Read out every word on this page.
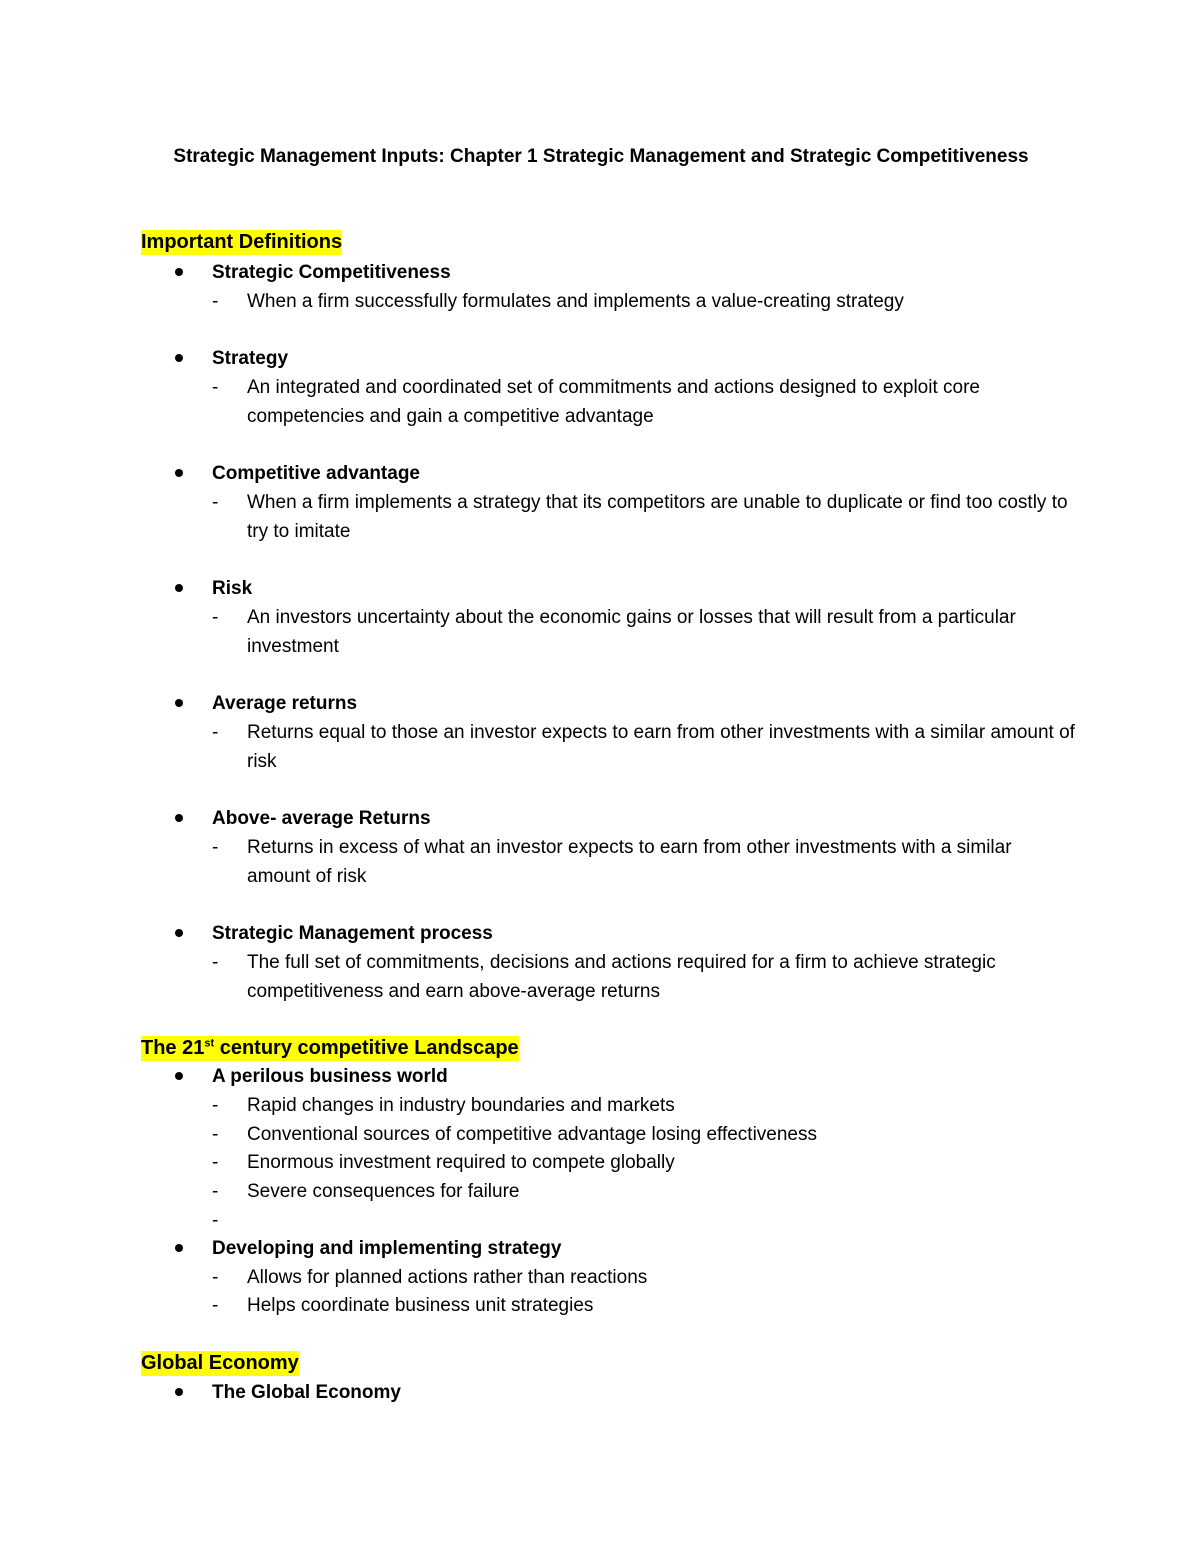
Strategic Management Inputs: Chapter 1 Strategic Management and Strategic Competitiveness
Important Definitions
Strategic Competitiveness
- When a firm successfully formulates and implements a value-creating strategy
Strategy
- An integrated and coordinated set of commitments and actions designed to exploit core competencies and gain a competitive advantage
Competitive advantage
- When a firm implements a strategy that its competitors are unable to duplicate or find too costly to try to imitate
Risk
- An investors uncertainty about the economic gains or losses that will result from a particular investment
Average returns
- Returns equal to those an investor expects to earn from other investments with a similar amount of risk
Above- average Returns
- Returns in excess of what an investor expects to earn from other investments with a similar amount of risk
Strategic Management process
- The full set of commitments, decisions and actions required for a firm to achieve strategic competitiveness and earn above-average returns
The 21st century competitive Landscape
A perilous business world
- Rapid changes in industry boundaries and markets
- Conventional sources of competitive advantage losing effectiveness
- Enormous investment required to compete globally
- Severe consequences for failure
-
Developing and implementing strategy
- Allows for planned actions rather than reactions
- Helps coordinate business unit strategies
Global Economy
The Global Economy
